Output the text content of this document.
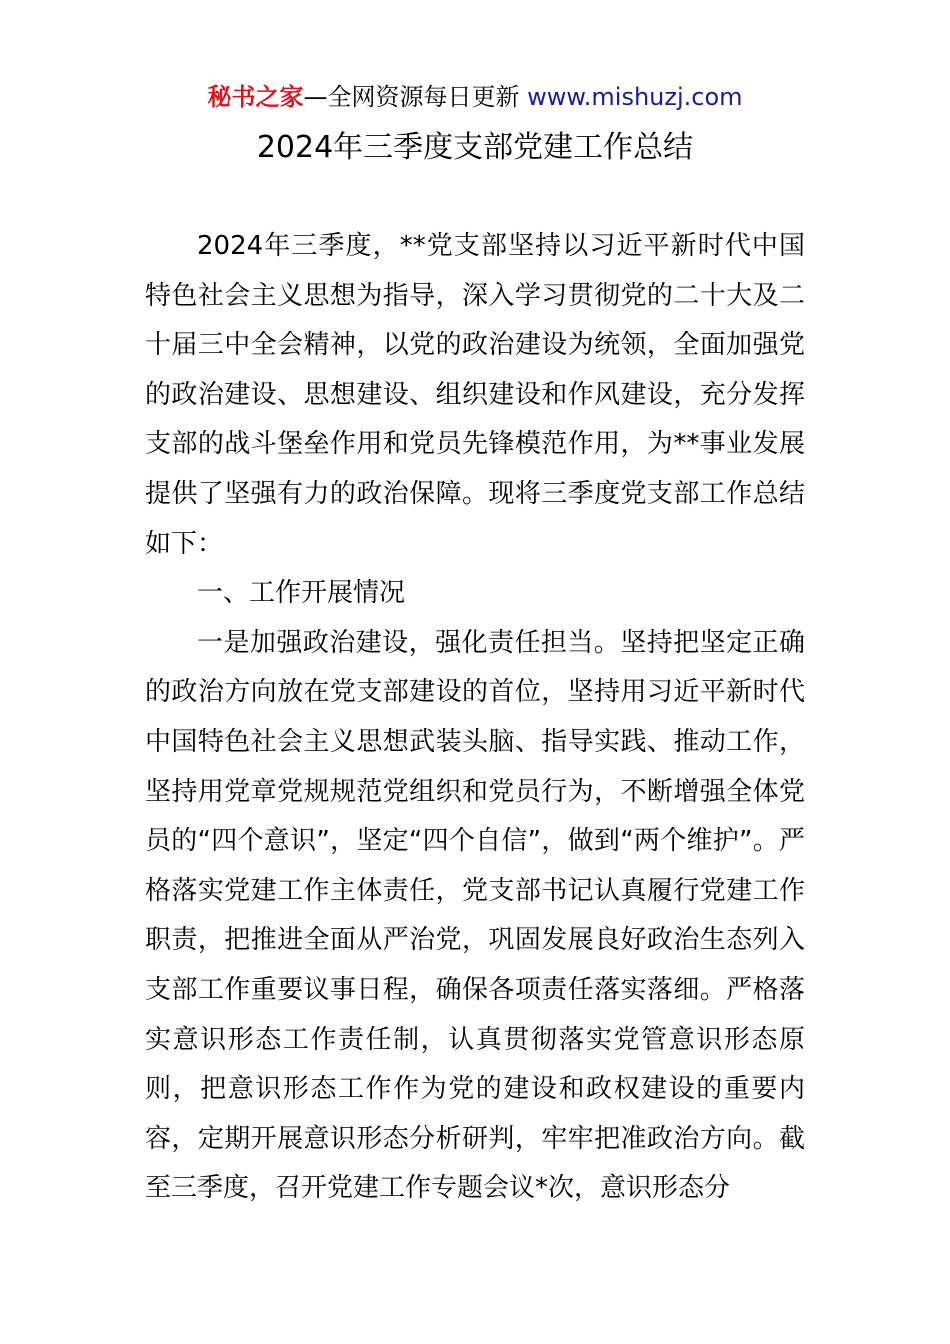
秘书之家—全网资源每日更新 www.mishuzj.com
2024年三季度支部党建工作总结

2024年三季度，**党支部坚持以习近平新时代中国特色社会主义思想为指导，深入学习贯彻党的二十大及二十届三中全会精神，以党的政治建设为统领，全面加强党的政治建设、思想建设、组织建设和作风建设，充分发挥支部的战斗堡垒作用和党员先锋模范作用，为**事业发展提供了坚强有力的政治保障。现将三季度党支部工作总结如下：

一、工作开展情况

一是加强政治建设，强化责任担当。坚持把坚定正确的政治方向放在党支部建设的首位，坚持用习近平新时代中国特色社会主义思想武装头脑、指导实践、推动工作，坚持用党章党规规范党组织和党员行为，不断增强全体党员的“四个意识”，坚定“四个自信”，做到“两个维护”。严格落实党建工作主体责任，党支部书记认真履行党建工作职责，把推进全面从严治党，巩固发展良好政治生态列入支部工作重要议事日程，确保各项责任落实落细。严格落实意识形态工作责任制，认真贯彻落实党管意识形态原则，把意识形态工作作为党的建设和政权建设的重要内容，定期开展意识形态分析研判，牢牢把准政治方向。截至三季度，召开党建工作专题会议*次，意识形态分
